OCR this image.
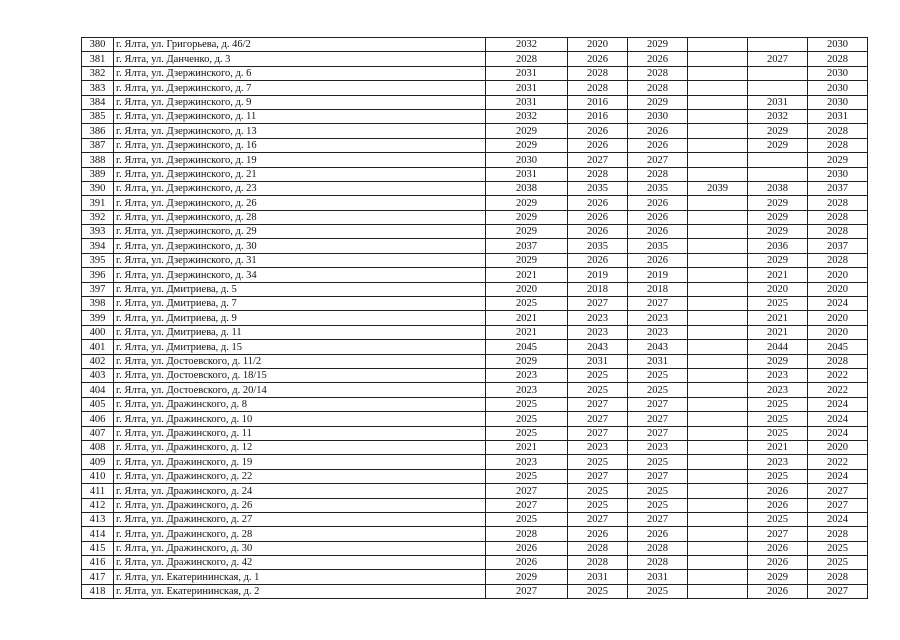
380	г. Ялта, ул. Григорьева, д. 46/2	2032	2020	2029			2030
381	г. Ялта, ул. Данченко, д. 3	2028	2026	2026		2027	2028
382	г. Ялта, ул. Дзержинского, д. 6	2031	2028	2028			2030
383	г. Ялта, ул. Дзержинского, д. 7	2031	2028	2028			2030
384	г. Ялта, ул. Дзержинского, д. 9	2031	2016	2029		2031	2030
385	г. Ялта, ул. Дзержинского, д. 11	2032	2016	2030		2032	2031
386	г. Ялта, ул. Дзержинского, д. 13	2029	2026	2026		2029	2028
387	г. Ялта, ул. Дзержинского, д. 16	2029	2026	2026		2029	2028
388	г. Ялта, ул. Дзержинского, д. 19	2030	2027	2027			2029
389	г. Ялта, ул. Дзержинского, д. 21	2031	2028	2028			2030
390	г. Ялта, ул. Дзержинского, д. 23	2038	2035	2035	2039	2038	2037
391	г. Ялта, ул. Дзержинского, д. 26	2029	2026	2026		2029	2028
392	г. Ялта, ул. Дзержинского, д. 28	2029	2026	2026		2029	2028
393	г. Ялта, ул. Дзержинского, д. 29	2029	2026	2026		2029	2028
394	г. Ялта, ул. Дзержинского, д. 30	2037	2035	2035		2036	2037
395	г. Ялта, ул. Дзержинского, д. 31	2029	2026	2026		2029	2028
396	г. Ялта, ул. Дзержинского, д. 34	2021	2019	2019		2021	2020
397	г. Ялта, ул. Дмитриева, д. 5	2020	2018	2018		2020	2020
398	г. Ялта, ул. Дмитриева, д. 7	2025	2027	2027		2025	2024
399	г. Ялта, ул. Дмитриева, д. 9	2021	2023	2023		2021	2020
400	г. Ялта, ул. Дмитриева, д. 11	2021	2023	2023		2021	2020
401	г. Ялта, ул. Дмитриева, д. 15	2045	2043	2043		2044	2045
402	г. Ялта, ул. Достоевского, д. 11/2	2029	2031	2031		2029	2028
403	г. Ялта, ул. Достоевского, д. 18/15	2023	2025	2025		2023	2022
404	г. Ялта, ул. Достоевского, д. 20/14	2023	2025	2025		2023	2022
405	г. Ялта, ул. Дражинского, д. 8	2025	2027	2027		2025	2024
406	г. Ялта, ул. Дражинского, д. 10	2025	2027	2027		2025	2024
407	г. Ялта, ул. Дражинского, д. 11	2025	2027	2027		2025	2024
408	г. Ялта, ул. Дражинского, д. 12	2021	2023	2023		2021	2020
409	г. Ялта, ул. Дражинского, д. 19	2023	2025	2025		2023	2022
410	г. Ялта, ул. Дражинского, д. 22	2025	2027	2027		2025	2024
411	г. Ялта, ул. Дражинского, д. 24	2027	2025	2025		2026	2027
412	г. Ялта, ул. Дражинского, д. 26	2027	2025	2025		2026	2027
413	г. Ялта, ул. Дражинского, д. 27	2025	2027	2027		2025	2024
414	г. Ялта, ул. Дражинского, д. 28	2028	2026	2026		2027	2028
415	г. Ялта, ул. Дражинского, д. 30	2026	2028	2028		2026	2025
416	г. Ялта, ул. Дражинского, д. 42	2026	2028	2028		2026	2025
417	г. Ялта, ул. Екатерининская, д. 1	2029	2031	2031		2029	2028
418	г. Ялта, ул. Екатерининская, д. 2	2027	2025	2025		2026	2027
